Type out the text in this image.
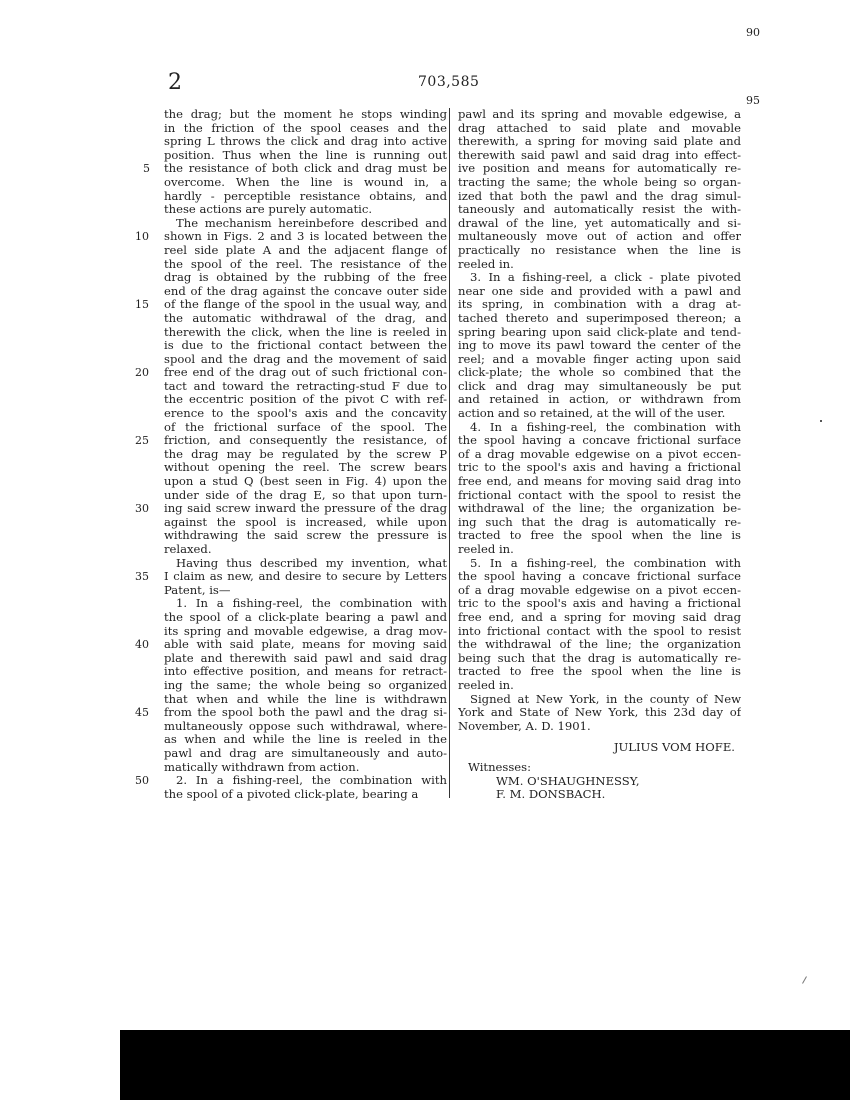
2	703,585
the drag; but the moment he stops winding
in the friction of the spool ceases and the
spring L throws the click and drag into active
position. Thus when the line is running out
the resistance of both click and drag must be
overcome. When the line is wound in, a
hardly - perceptible resistance obtains, and
these actions are purely automatic.
The mechanism hereinbefore described and
shown in Figs. 2 and 3 is located between the
reel side plate A and the adjacent flange of
the spool of the reel. The resistance of the
drag is obtained by the rubbing of the free
end of the drag against the concave outer side
of the flange of the spool in the usual way, and
the automatic withdrawal of the drag, and
therewith the click, when the line is reeled in
is due to the frictional contact between the
spool and the drag and the movement of said
free end of the drag out of such frictional con-
tact and toward the retracting-stud F due to
the eccentric position of the pivot C with ref-
erence to the spool's axis and the concavity
of the frictional surface of the spool. The
friction, and consequently the resistance, of
the drag may be regulated by the screw P
without opening the reel. The screw bears
upon a stud Q (best seen in Fig. 4) upon the
under side of the drag E, so that upon turn-
ing said screw inward the pressure of the drag
against the spool is increased, while upon
withdrawing the said screw the pressure is
relaxed.
Having thus described my invention, what
I claim as new, and desire to secure by Letters
Patent, is—
1. In a fishing-reel, the combination with
the spool of a click-plate bearing a pawl and
its spring and movable edgewise, a drag mov-
able with said plate, means for moving said
plate and therewith said pawl and said drag
into effective position, and means for retract-
ing the same; the whole being so organized
that when and while the line is withdrawn
from the spool both the pawl and the drag si-
multaneously oppose such withdrawal, where-
as when and while the line is reeled in the
pawl and drag are simultaneously and auto-
matically withdrawn from action.
2. In a fishing-reel, the combination with
the spool of a pivoted click-plate, bearing a
pawl and its spring and movable edgewise, a
drag attached to said plate and movable
therewith, a spring for moving said plate and
therewith said pawl and said drag into effect-
ive position and means for automatically re-
tracting the same; the whole being so organ-
ized that both the pawl and the drag simul-
taneously and automatically resist the with-
drawal of the line, yet automatically and si-
multaneously move out of action and offer
practically no resistance when the line is
reeled in.
3. In a fishing-reel, a click - plate pivoted
near one side and provided with a pawl and
its spring, in combination with a drag at-
tached thereto and superimposed thereon; a
spring bearing upon said click-plate and tend-
ing to move its pawl toward the center of the
reel; and a movable finger acting upon said
click-plate; the whole so combined that the
click and drag may simultaneously be put
and retained in action, or withdrawn from
action and so retained, at the will of the user.
4. In a fishing-reel, the combination with
the spool having a concave frictional surface
of a drag movable edgewise on a pivot eccen-
tric to the spool's axis and having a frictional
free end, and means for moving said drag into
frictional contact with the spool to resist the
withdrawal of the line; the organization be-
ing such that the drag is automatically re-
tracted to free the spool when the line is
reeled in.
5. In a fishing-reel, the combination with
the spool having a concave frictional surface
of a drag movable edgewise on a pivot eccen-
tric to the spool's axis and having a frictional
free end, and a spring for moving said drag
into frictional contact with the spool to resist
the withdrawal of the line; the organization
being such that the drag is automatically re-
tracted to free the spool when the line is
reeled in.
Signed at New York, in the county of New
York and State of New York, this 23d day of
November, A. D. 1901.
JULIUS VOM HOFE.
Witnesses:
WM. O'SHAUGHNESSY,
F. M. DONSBACH.
5
10
15
20
25
30
35
40
45
50
90
95
